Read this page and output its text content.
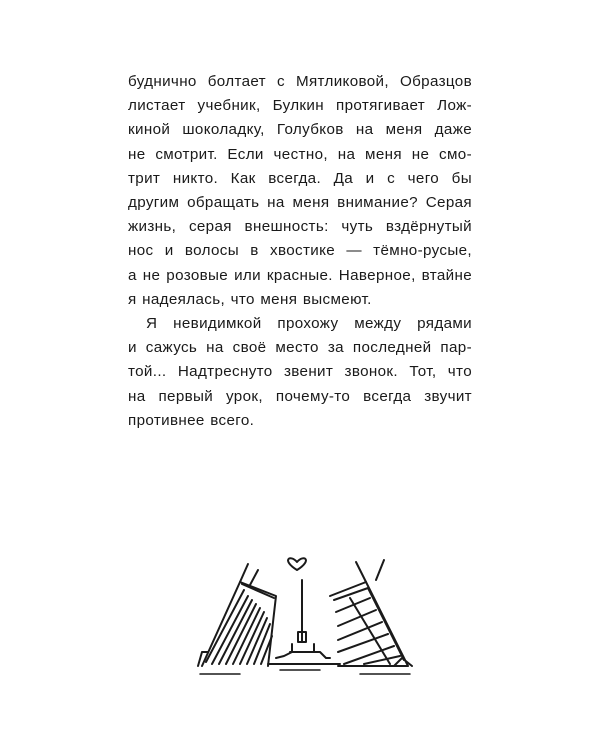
будничнo болтает с Мятликовой, Образцов
листает учебник, Булкин протягивает Лож-
киной шоколадку, Голубков на меня даже
не смотрит. Если честно, на меня не смо-
трит никто. Как всегда. Да и с чего бы
другим обращать на меня внимание? Серая
жизнь, серая внешность: чуть вздёрнутый
нос и волосы в хвостике — тёмно-русые,
а не розовые или красные. Наверное, втайне
я надеялась, что меня высмеют.
Я невидимкой прохожу между рядами
и сажусь на своё место за последней пар-
той... Надтреснуто звенит звонок. Тот, что
на первый урок, почему-то всегда звучит
противнее всего.
